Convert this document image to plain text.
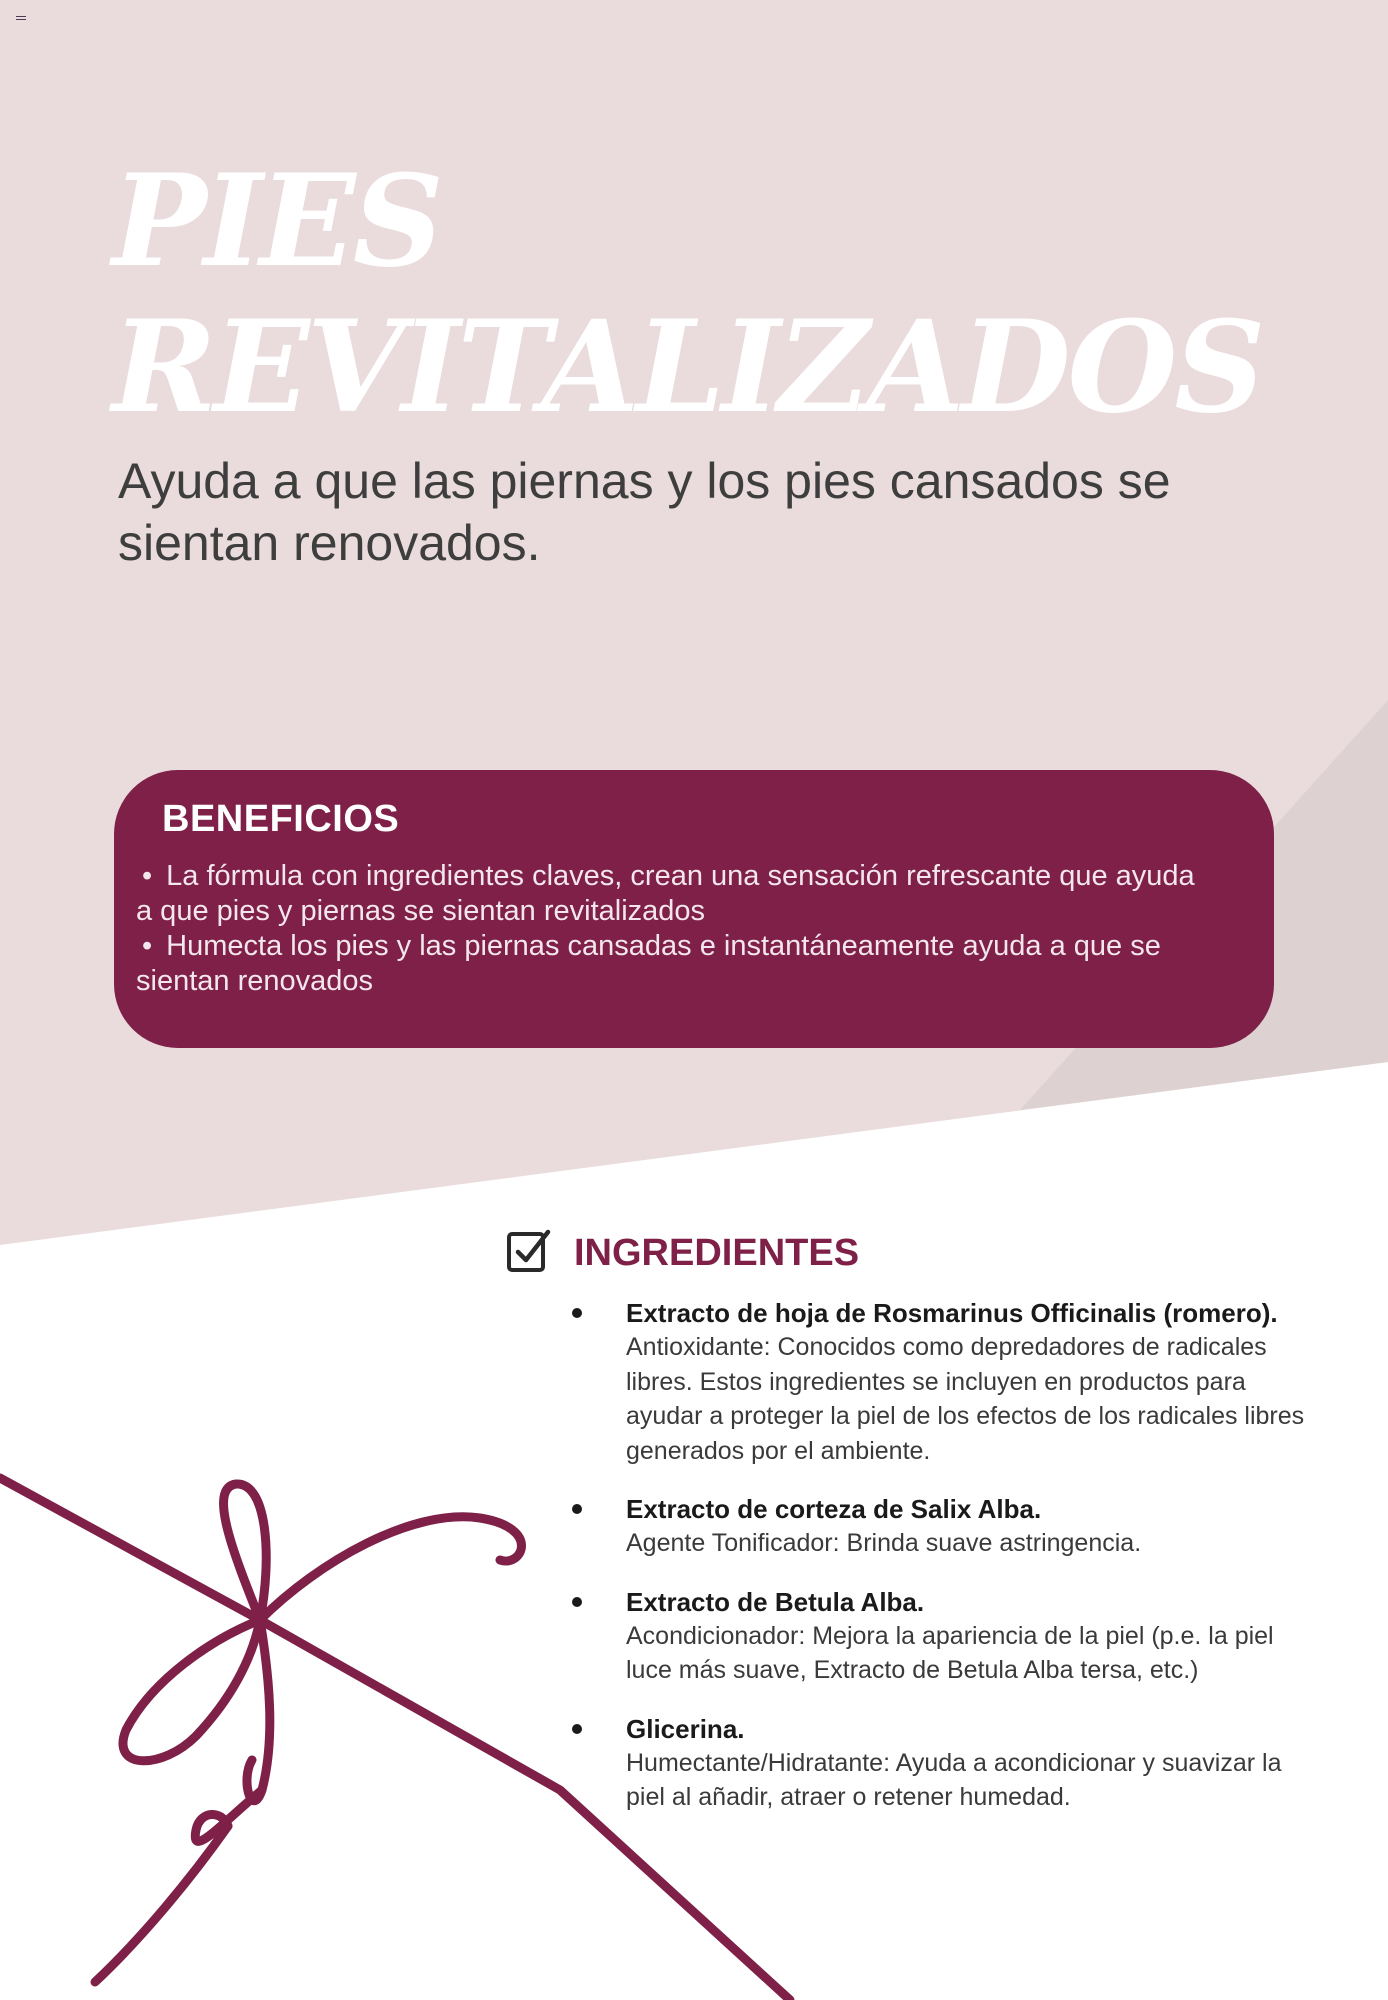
PIES
REVITALIZADOS

Ayuda a que las piernas y los pies cansados se sientan renovados.

BENEFICIOS
• La fórmula con ingredientes claves, crean una sensación refrescante que ayuda a que pies y piernas se sientan revitalizados
• Humecta los pies y las piernas cansadas e instantáneamente ayuda a que se sientan renovados
INGREDIENTES
Extracto de hoja de Rosmarinus Officinalis (romero).
Antioxidante: Conocidos como depredadores de radicales libres. Estos ingredientes se incluyen en productos para ayudar a proteger la piel de los efectos de los radicales libres generados por el ambiente.
Extracto de corteza de Salix Alba.
Agente Tonificador: Brinda suave astringencia.
Extracto de Betula Alba.
Acondicionador: Mejora la apariencia de la piel (p.e. la piel luce más suave, Extracto de Betula Alba tersa, etc.)
Glicerina.
Humectante/Hidratante: Ayuda a acondicionar y suavizar la piel al añadir, atraer o retener humedad.
